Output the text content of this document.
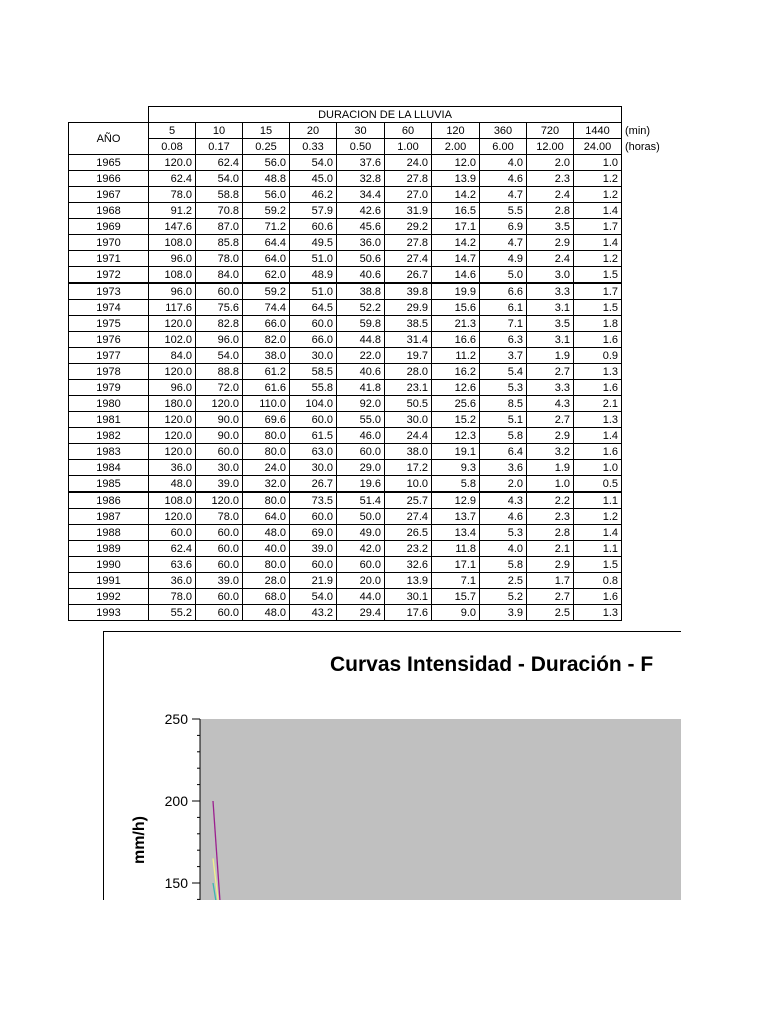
	DURACION DE LA LLUVIA										
AÑO	5	10	15	20	30	60	120	360	720	1440	(min)
	0.08	0.17	0.25	0.33	0.50	1.00	2.00	6.00	12.00	24.00	(horas)
1965	120.0	62.4	56.0	54.0	37.6	24.0	12.0	4.0	2.0	1.0	
1966	62.4	54.0	48.8	45.0	32.8	27.8	13.9	4.6	2.3	1.2	
1967	78.0	58.8	56.0	46.2	34.4	27.0	14.2	4.7	2.4	1.2	
1968	91.2	70.8	59.2	57.9	42.6	31.9	16.5	5.5	2.8	1.4	
1969	147.6	87.0	71.2	60.6	45.6	29.2	17.1	6.9	3.5	1.7	
1970	108.0	85.8	64.4	49.5	36.0	27.8	14.2	4.7	2.9	1.4	
1971	96.0	78.0	64.0	51.0	50.6	27.4	14.7	4.9	2.4	1.2	
1972	108.0	84.0	62.0	48.9	40.6	26.7	14.6	5.0	3.0	1.5	
1973	96.0	60.0	59.2	51.0	38.8	39.8	19.9	6.6	3.3	1.7	
1974	117.6	75.6	74.4	64.5	52.2	29.9	15.6	6.1	3.1	1.5	
1975	120.0	82.8	66.0	60.0	59.8	38.5	21.3	7.1	3.5	1.8	
1976	102.0	96.0	82.0	66.0	44.8	31.4	16.6	6.3	3.1	1.6	
1977	84.0	54.0	38.0	30.0	22.0	19.7	11.2	3.7	1.9	0.9	
1978	120.0	88.8	61.2	58.5	40.6	28.0	16.2	5.4	2.7	1.3	
1979	96.0	72.0	61.6	55.8	41.8	23.1	12.6	5.3	3.3	1.6	
1980	180.0	120.0	110.0	104.0	92.0	50.5	25.6	8.5	4.3	2.1	
1981	120.0	90.0	69.6	60.0	55.0	30.0	15.2	5.1	2.7	1.3	
1982	120.0	90.0	80.0	61.5	46.0	24.4	12.3	5.8	2.9	1.4	
1983	120.0	60.0	80.0	63.0	60.0	38.0	19.1	6.4	3.2	1.6	
1984	36.0	30.0	24.0	30.0	29.0	17.2	9.3	3.6	1.9	1.0	
1985	48.0	39.0	32.0	26.7	19.6	10.0	5.8	2.0	1.0	0.5	
1986	108.0	120.0	80.0	73.5	51.4	25.7	12.9	4.3	2.2	1.1	
1987	120.0	78.0	64.0	60.0	50.0	27.4	13.7	4.6	2.3	1.2	
1988	60.0	60.0	48.0	69.0	49.0	26.5	13.4	5.3	2.8	1.4	
1989	62.4	60.0	40.0	39.0	42.0	23.2	11.8	4.0	2.1	1.1	
1990	63.6	60.0	80.0	60.0	60.0	32.6	17.1	5.8	2.9	1.5	
1991	36.0	39.0	28.0	21.9	20.0	13.9	7.1	2.5	1.7	0.8	
1992	78.0	60.0	68.0	54.0	44.0	30.1	15.7	5.2	2.7	1.6	
1993	55.2	60.0	48.0	43.2	29.4	17.6	9.0	3.9	2.5	1.3	
Curvas Intensidad - Duración - F
250
200
150
mm/h)
